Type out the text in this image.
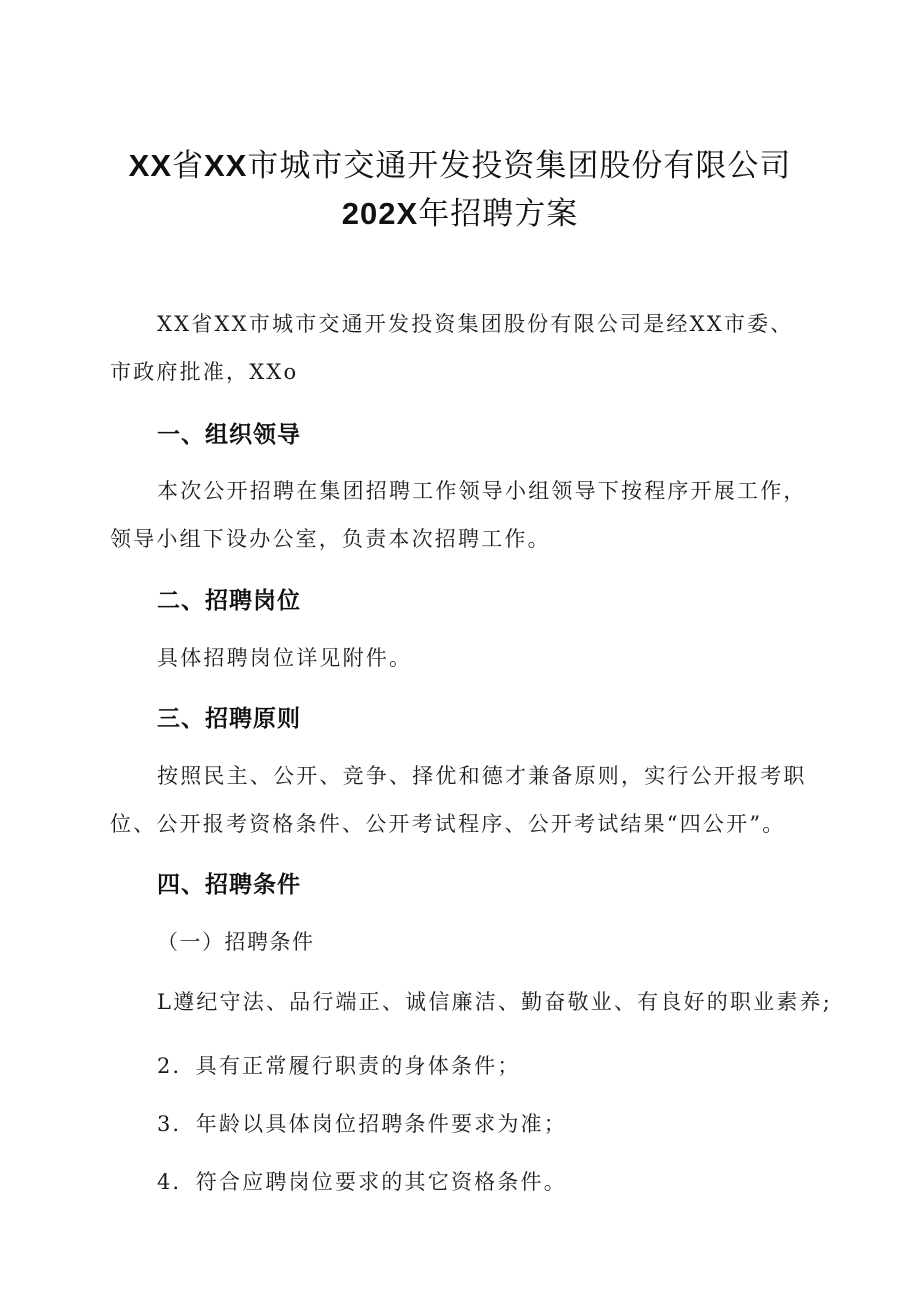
XX省XX市城市交通开发投资集团股份有限公司
202X年招聘方案
XX省XX市城市交通开发投资集团股份有限公司是经XX市委、
市政府批准，XXo
一、组织领导
本次公开招聘在集团招聘工作领导小组领导下按程序开展工作，
领导小组下设办公室，负责本次招聘工作。
二、招聘岗位
具体招聘岗位详见附件。
三、招聘原则
按照民主、公开、竞争、择优和德才兼备原则，实行公开报考职
位、公开报考资格条件、公开考试程序、公开考试结果“四公开”。
四、招聘条件
（一）招聘条件
L遵纪守法、品行端正、诚信廉洁、勤奋敬业、有良好的职业素养;
2．具有正常履行职责的身体条件；
3．年龄以具体岗位招聘条件要求为准；
4．符合应聘岗位要求的其它资格条件。
